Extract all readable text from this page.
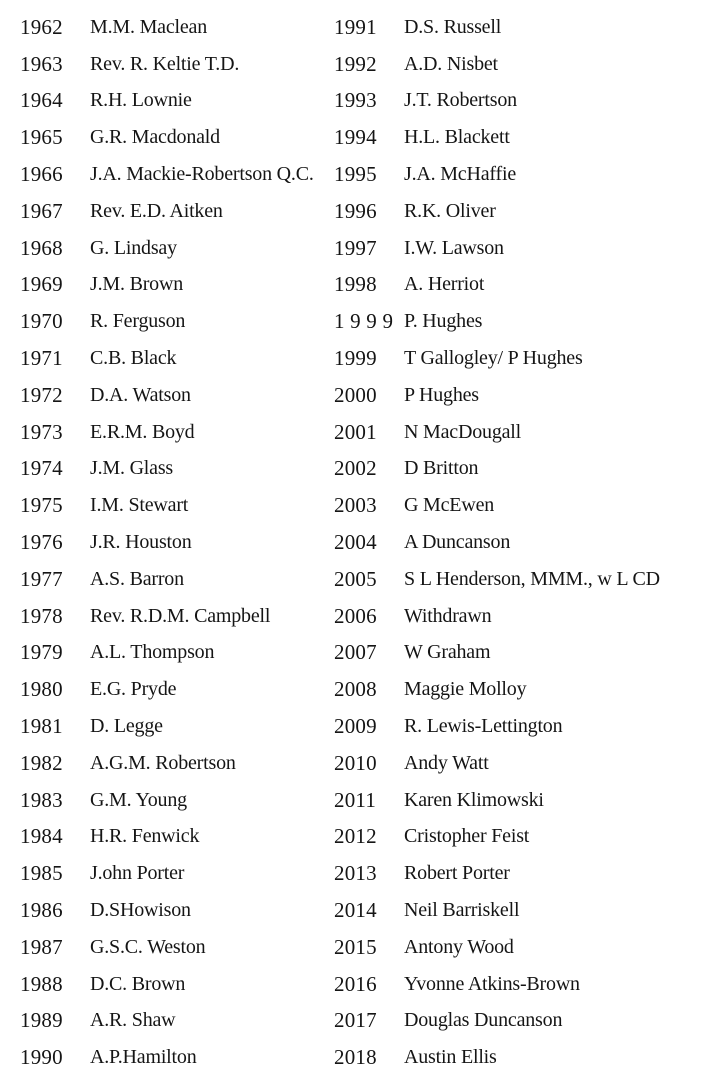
1962	M.M. Maclean
1963	Rev. R. Keltie T.D.
1964	R.H. Lownie
1965	G.R. Macdonald
1966	J.A. Mackie-Robertson Q.C.
1967	Rev. E.D. Aitken
1968	G. Lindsay
1969	J.M. Brown
1970	R. Ferguson
1971	C.B. Black
1972	D.A. Watson
1973	E.R.M. Boyd
1974	J.M. Glass
1975	I.M. Stewart
1976	J.R. Houston
1977	A.S. Barron
1978	Rev. R.D.M. Campbell
1979	A.L. Thompson
1980	E.G. Pryde
1981	D. Legge
1982	A.G.M. Robertson
1983	G.M. Young
1984	H.R. Fenwick
1985	J.ohn Porter
1986	D.SHowison
1987	G.S.C. Weston
1988	D.C. Brown
1989	A.R. Shaw
1990	A.P.Hamilton
1991	D.S. Russell
1992	A.D. Nisbet
1993	J.T. Robertson
1994	H.L. Blackett
1995	J.A. McHaffie
1996	R.K. Oliver
1997	I.W. Lawson
1998	A. Herriot
1 9 9 9 P. Hughes
1999	T Gallogley/ P Hughes
2000	P Hughes
2001	N MacDougall
2002	D Britton
2003	G McEwen
2004	A Duncanson
2005	S L Henderson, MMM., w L CD
2006	Withdrawn
2007	W Graham
2008	Maggie Molloy
2009	R. Lewis-Lettington
2010	Andy Watt
2011	Karen Klimowski
2012	Cristopher Feist
2013	Robert Porter
2014	Neil Barriskell
2015	Antony Wood
2016	Yvonne Atkins-Brown
2017	Douglas Duncanson
2018	Austin Ellis
